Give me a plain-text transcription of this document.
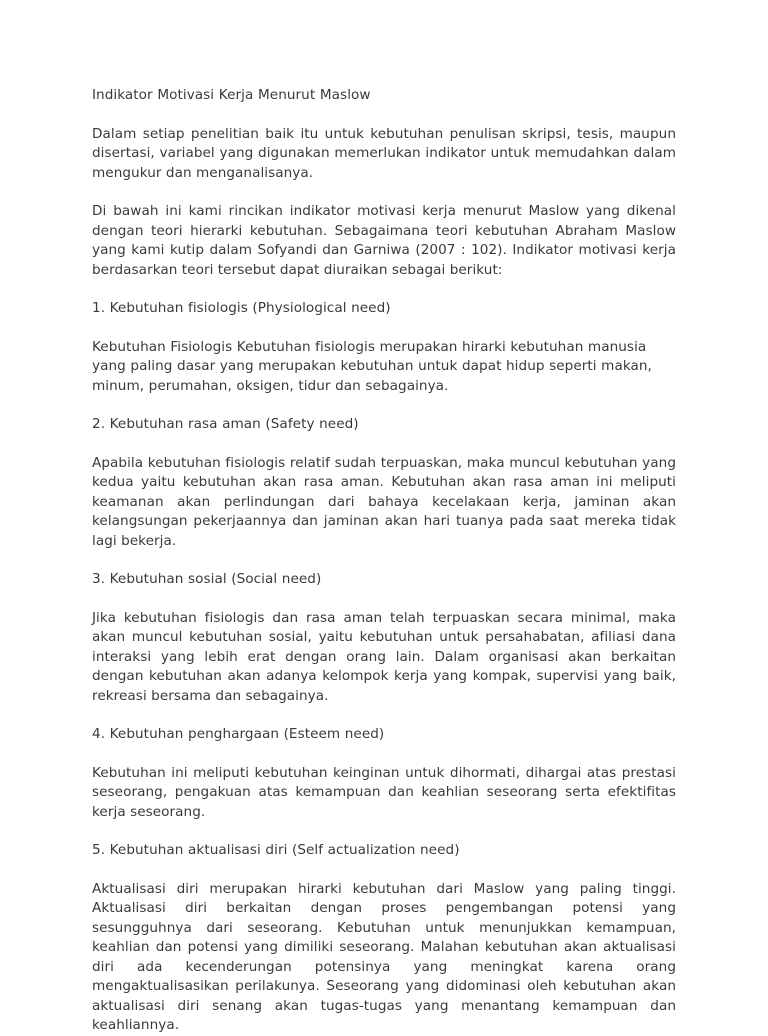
Indikator Motivasi Kerja Menurut Maslow

Dalam setiap penelitian baik itu untuk kebutuhan penulisan skripsi, tesis, maupun disertasi, variabel yang digunakan memerlukan indikator untuk memudahkan dalam mengukur dan menganalisanya.

Di bawah ini kami rincikan indikator motivasi kerja menurut Maslow yang dikenal dengan teori hierarki kebutuhan. Sebagaimana teori kebutuhan Abraham Maslow yang kami kutip dalam Sofyandi dan Garniwa (2007 : 102). Indikator motivasi kerja berdasarkan teori tersebut dapat diuraikan sebagai berikut:

1. Kebutuhan fisiologis (Physiological need)

Kebutuhan Fisiologis Kebutuhan fisiologis merupakan hirarki kebutuhan manusia yang paling dasar yang merupakan kebutuhan untuk dapat hidup seperti makan, minum, perumahan, oksigen, tidur dan sebagainya.

2. Kebutuhan rasa aman (Safety need)

Apabila kebutuhan fisiologis relatif sudah terpuaskan, maka muncul kebutuhan yang kedua yaitu kebutuhan akan rasa aman. Kebutuhan akan rasa aman ini meliputi keamanan akan perlindungan dari bahaya kecelakaan kerja, jaminan akan kelangsungan pekerjaannya dan jaminan akan hari tuanya pada saat mereka tidak lagi bekerja.

3. Kebutuhan sosial (Social need)

Jika kebutuhan fisiologis dan rasa aman telah terpuaskan secara minimal, maka akan muncul kebutuhan sosial, yaitu kebutuhan untuk persahabatan, afiliasi dana interaksi yang lebih erat dengan orang lain. Dalam organisasi akan berkaitan dengan kebutuhan akan adanya kelompok kerja yang kompak, supervisi yang baik, rekreasi bersama dan sebagainya.

4. Kebutuhan penghargaan (Esteem need)

Kebutuhan ini meliputi kebutuhan keinginan untuk dihormati, dihargai atas prestasi seseorang, pengakuan atas kemampuan dan keahlian seseorang serta efektifitas kerja seseorang.

5. Kebutuhan aktualisasi diri (Self actualization need)

Aktualisasi diri merupakan hirarki kebutuhan dari Maslow yang paling tinggi. Aktualisasi diri berkaitan dengan proses pengembangan potensi yang sesungguhnya dari seseorang. Kebutuhan untuk menunjukkan kemampuan, keahlian dan potensi yang dimiliki seseorang. Malahan kebutuhan akan aktualisasi diri ada kecenderungan potensinya yang meningkat karena orang mengaktualisasikan perilakunya. Seseorang yang didominasi oleh kebutuhan akan aktualisasi diri senang akan tugas-tugas yang menantang kemampuan dan keahliannya.
